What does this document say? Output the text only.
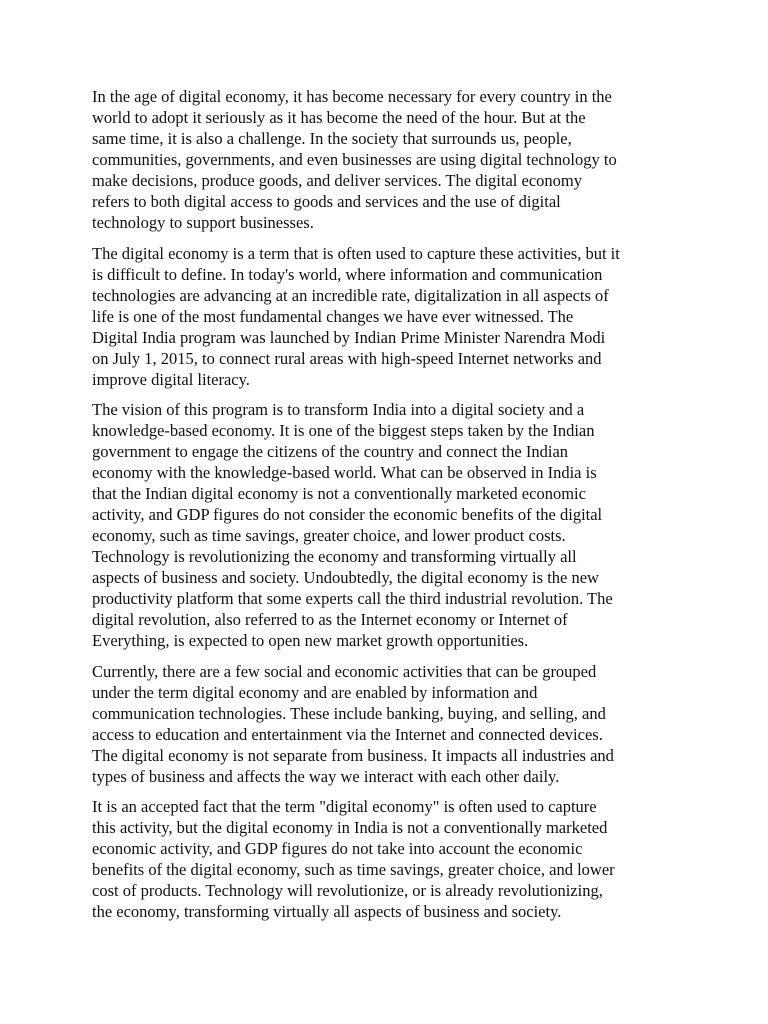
In the age of digital economy, it has become necessary for every country in the
world to adopt it seriously as it has become the need of the hour. But at the
same time, it is also a challenge. In the society that surrounds us, people,
communities, governments, and even businesses are using digital technology to
make decisions, produce goods, and deliver services. The digital economy
refers to both digital access to goods and services and the use of digital
technology to support businesses.

The digital economy is a term that is often used to capture these activities, but it
is difficult to define. In today's world, where information and communication
technologies are advancing at an incredible rate, digitalization in all aspects of
life is one of the most fundamental changes we have ever witnessed. The
Digital India program was launched by Indian Prime Minister Narendra Modi
on July 1, 2015, to connect rural areas with high-speed Internet networks and
improve digital literacy.

The vision of this program is to transform India into a digital society and a
knowledge-based economy. It is one of the biggest steps taken by the Indian
government to engage the citizens of the country and connect the Indian
economy with the knowledge-based world. What can be observed in India is
that the Indian digital economy is not a conventionally marketed economic
activity, and GDP figures do not consider the economic benefits of the digital
economy, such as time savings, greater choice, and lower product costs.
Technology is revolutionizing the economy and transforming virtually all
aspects of business and society. Undoubtedly, the digital economy is the new
productivity platform that some experts call the third industrial revolution. The
digital revolution, also referred to as the Internet economy or Internet of
Everything, is expected to open new market growth opportunities.

Currently, there are a few social and economic activities that can be grouped
under the term digital economy and are enabled by information and
communication technologies. These include banking, buying, and selling, and
access to education and entertainment via the Internet and connected devices.
The digital economy is not separate from business. It impacts all industries and
types of business and affects the way we interact with each other daily.

It is an accepted fact that the term "digital economy" is often used to capture
this activity, but the digital economy in India is not a conventionally marketed
economic activity, and GDP figures do not take into account the economic
benefits of the digital economy, such as time savings, greater choice, and lower
cost of products. Technology will revolutionize, or is already revolutionizing,
the economy, transforming virtually all aspects of business and society.
